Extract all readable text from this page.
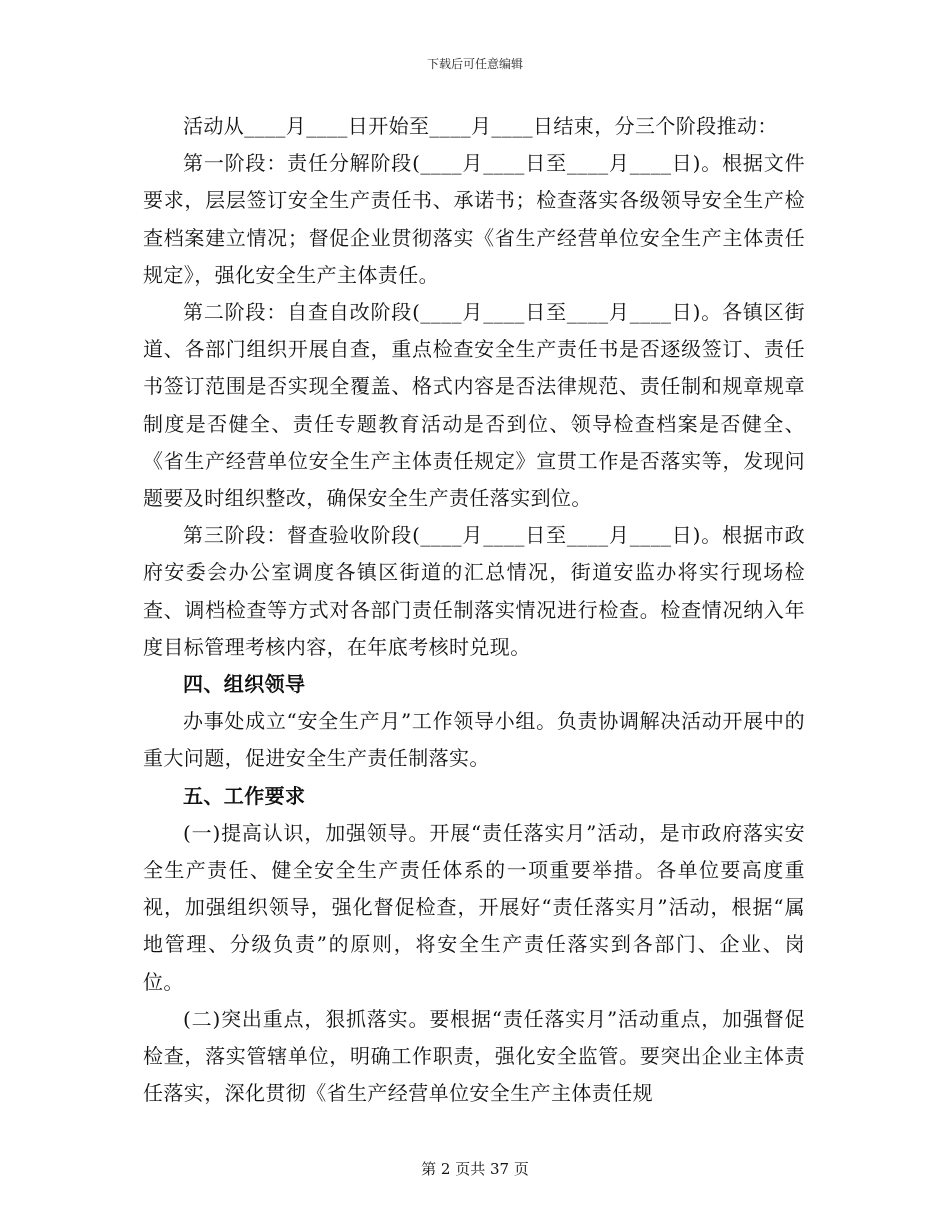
下载后可任意编辑

活动从____月____日开始至____月____日结束，分三个阶段推动：

第一阶段：责任分解阶段(____月____日至____月____日)。根据文件要求，层层签订安全生产责任书、承诺书；检查落实各级领导安全生产检查档案建立情况；督促企业贯彻落实《省生产经营单位安全生产主体责任规定》，强化安全生产主体责任。

第二阶段：自查自改阶段(____月____日至____月____日)。各镇区街道、各部门组织开展自查，重点检查安全生产责任书是否逐级签订、责任书签订范围是否实现全覆盖、格式内容是否法律规范、责任制和规章规章制度是否健全、责任专题教育活动是否到位、领导检查档案是否健全、《省生产经营单位安全生产主体责任规定》宣贯工作是否落实等，发现问题要及时组织整改，确保安全生产责任落实到位。

第三阶段：督查验收阶段(____月____日至____月____日)。根据市政府安委会办公室调度各镇区街道的汇总情况，街道安监办将实行现场检查、调档检查等方式对各部门责任制落实情况进行检查。检查情况纳入年度目标管理考核内容，在年底考核时兑现。

四、组织领导

办事处成立“安全生产月”工作领导小组。负责协调解决活动开展中的重大问题，促进安全生产责任制落实。

五、工作要求

(一)提高认识，加强领导。开展“责任落实月”活动，是市政府落实安全生产责任、健全安全生产责任体系的一项重要举措。各单位要高度重视，加强组织领导，强化督促检查，开展好“责任落实月”活动，根据“属地管理、分级负责”的原则，将安全生产责任落实到各部门、企业、岗位。

(二)突出重点，狠抓落实。要根据“责任落实月”活动重点，加强督促检查，落实管辖单位，明确工作职责，强化安全监管。要突出企业主体责任落实，深化贯彻《省生产经营单位安全生产主体责任规

第 2 页共 37 页
